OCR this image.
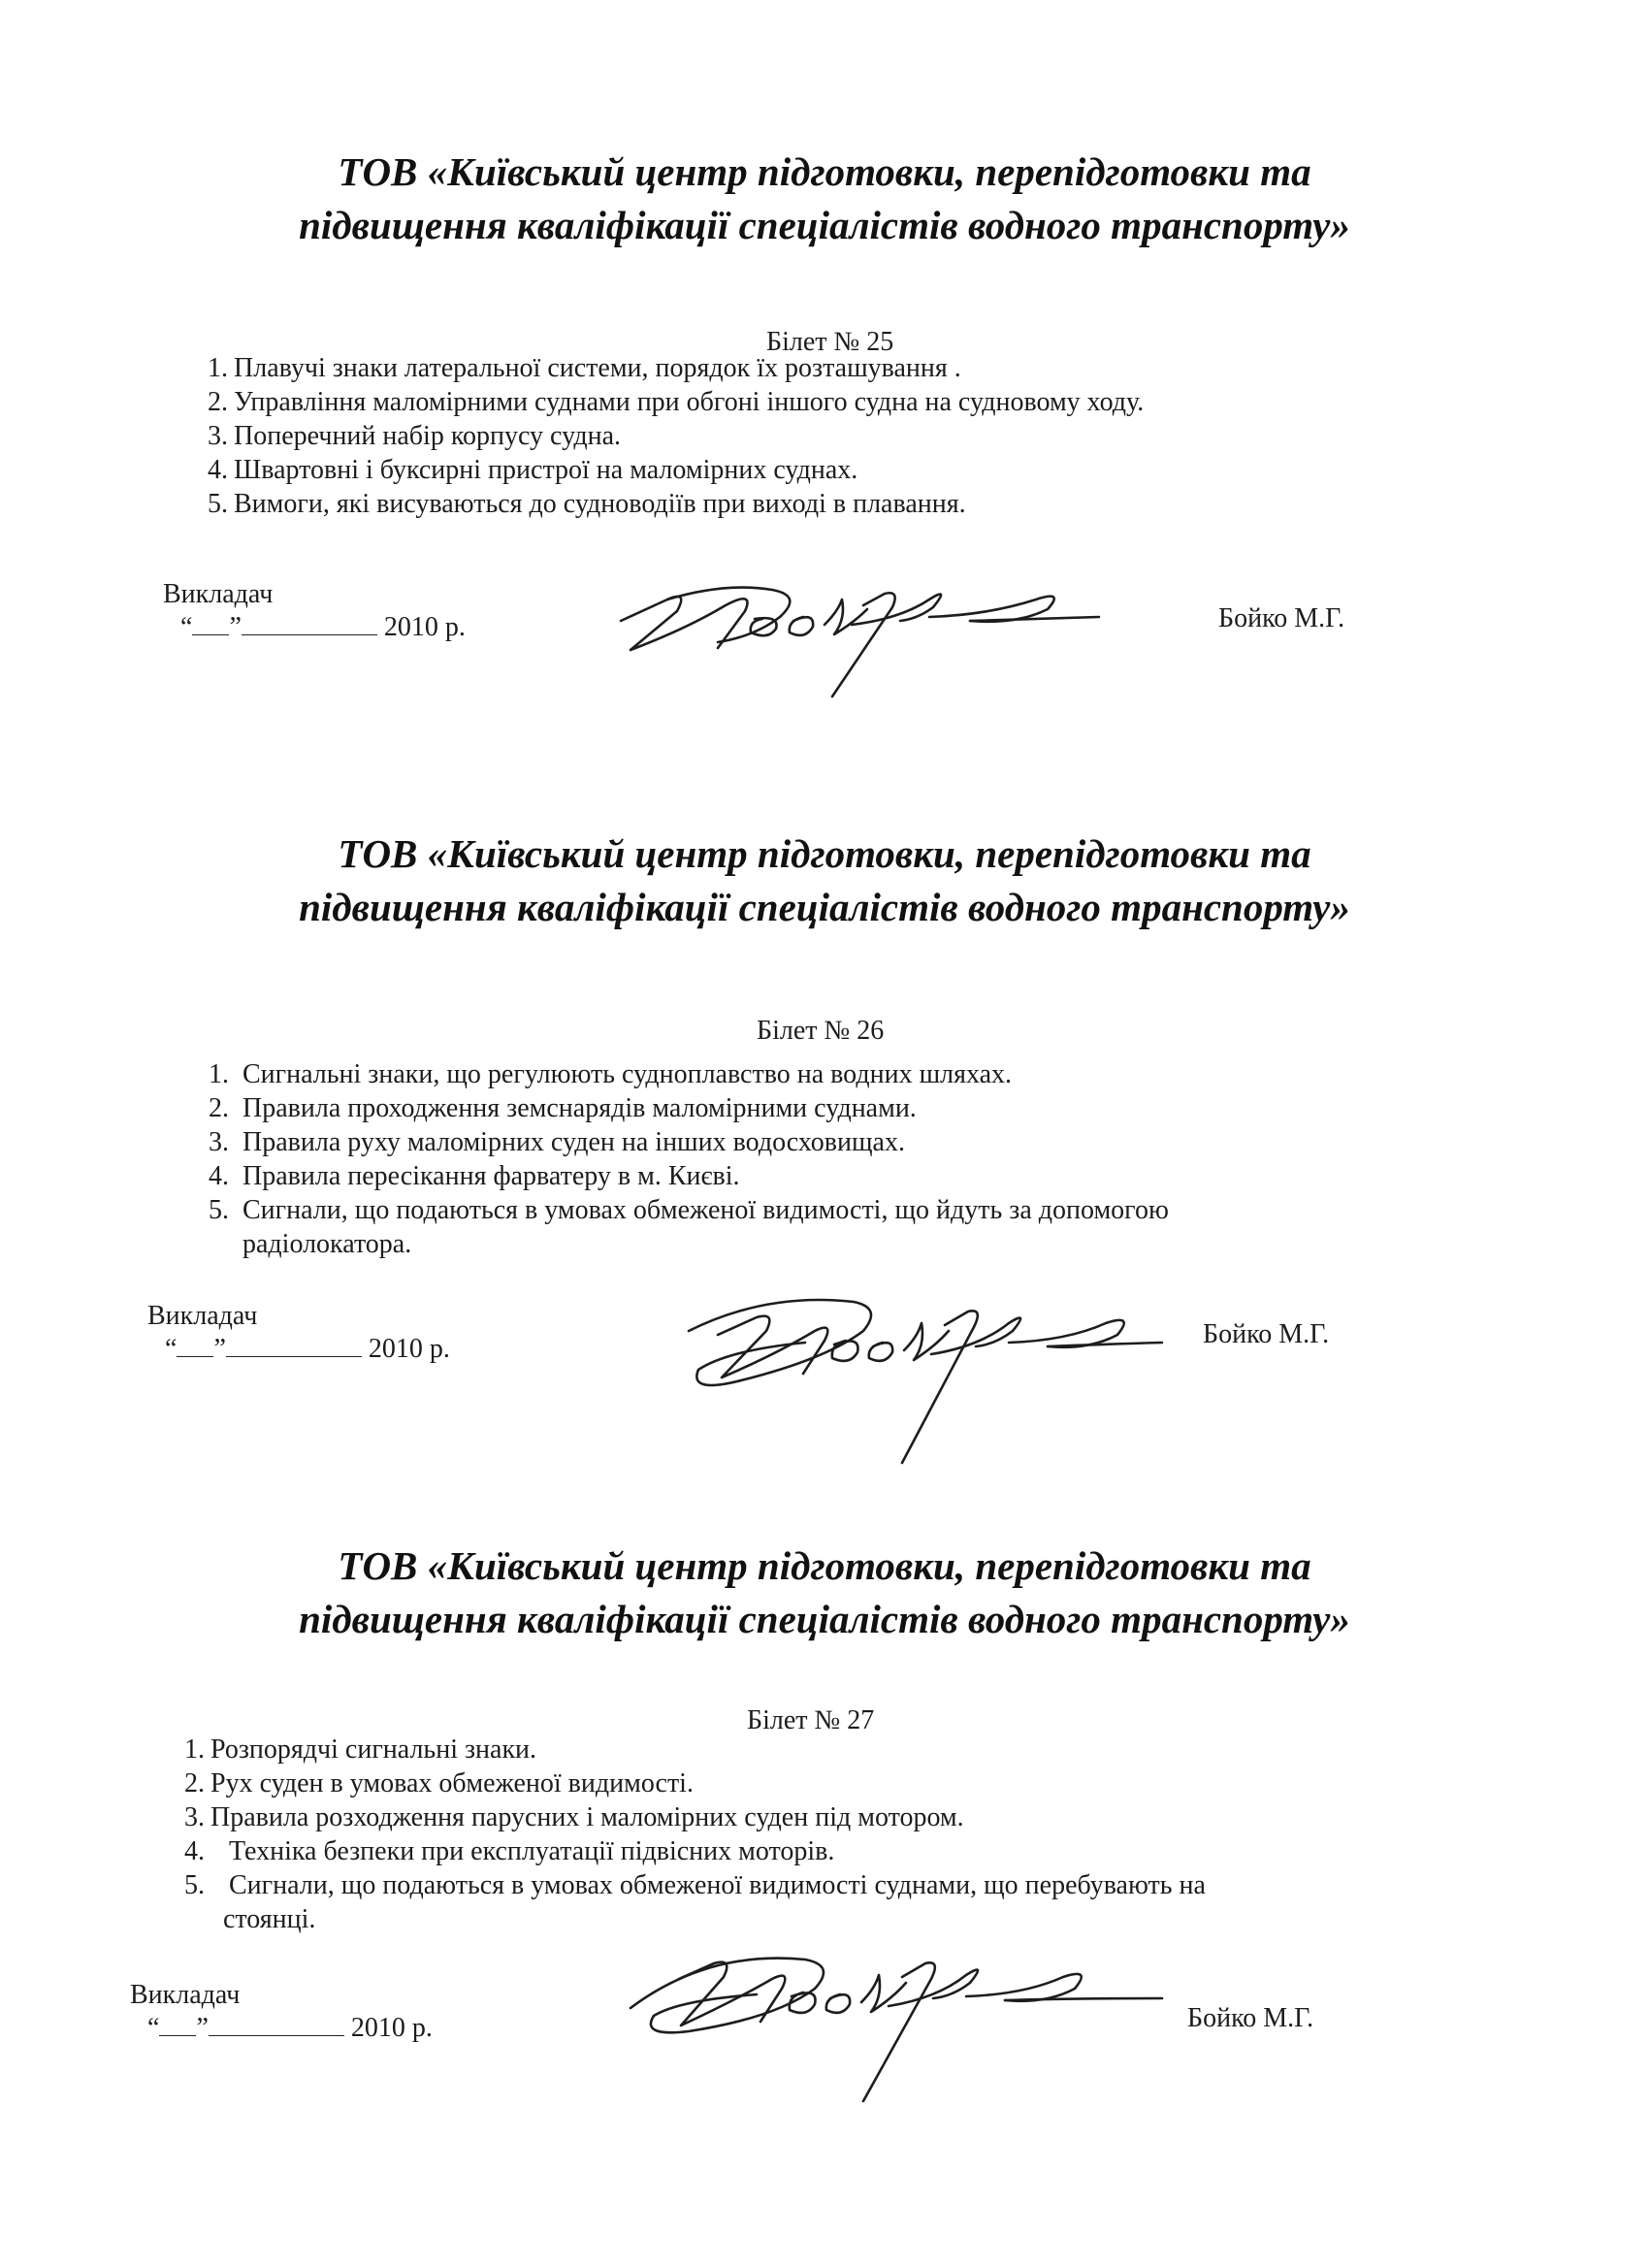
ТОВ «Київський центр підготовки, перепідготовки та
підвищення кваліфікації спеціалістів водного транспорту»

Білет № 25

1. Плавучі знаки латеральної системи, порядок їх розташування .
2. Управління маломірними суднами при обгоні іншого судна на судновому ходу.
3. Поперечний набір корпусу судна.
4. Швартовні і буксирні пристрої на маломірних суднах.
5. Вимоги, які висуваються до судноводіїв при виході в плавання.
Викладач
“ ”	2010 р.	Бойко М.Г.
ТОВ «Київський центр підготовки, перепідготовки та
підвищення кваліфікації спеціалістів водного транспорту»

Білет № 26

1. Сигнальні знаки, що регулюють судноплавство на водних шляхах.
2. Правила проходження земснарядів маломірними суднами.
3. Правила руху маломірних суден на інших водосховищах.
4. Правила пересікання фарватеру в м. Києві.
5. Сигнали, що подаються в умовах обмеженої видимості, що йдуть за допомогою
радіолокатора.
Викладач
“ ”	2010 р.	Бойко М.Г.
ТОВ «Київський центр підготовки, перепідготовки та
підвищення кваліфікації спеціалістів водного транспорту»

Білет № 27

1. Розпорядчі сигнальні знаки.
2. Рух суден в умовах обмеженої видимості.
3. Правила розходження парусних і маломірних суден під мотором.
4. Техніка безпеки при експлуатації підвісних моторів.
5. Сигнали, що подаються в умовах обмеженої видимості суднами, що перебувають на
стоянці.
Викладач
“ ”	2010 р.	Бойко М.Г.
